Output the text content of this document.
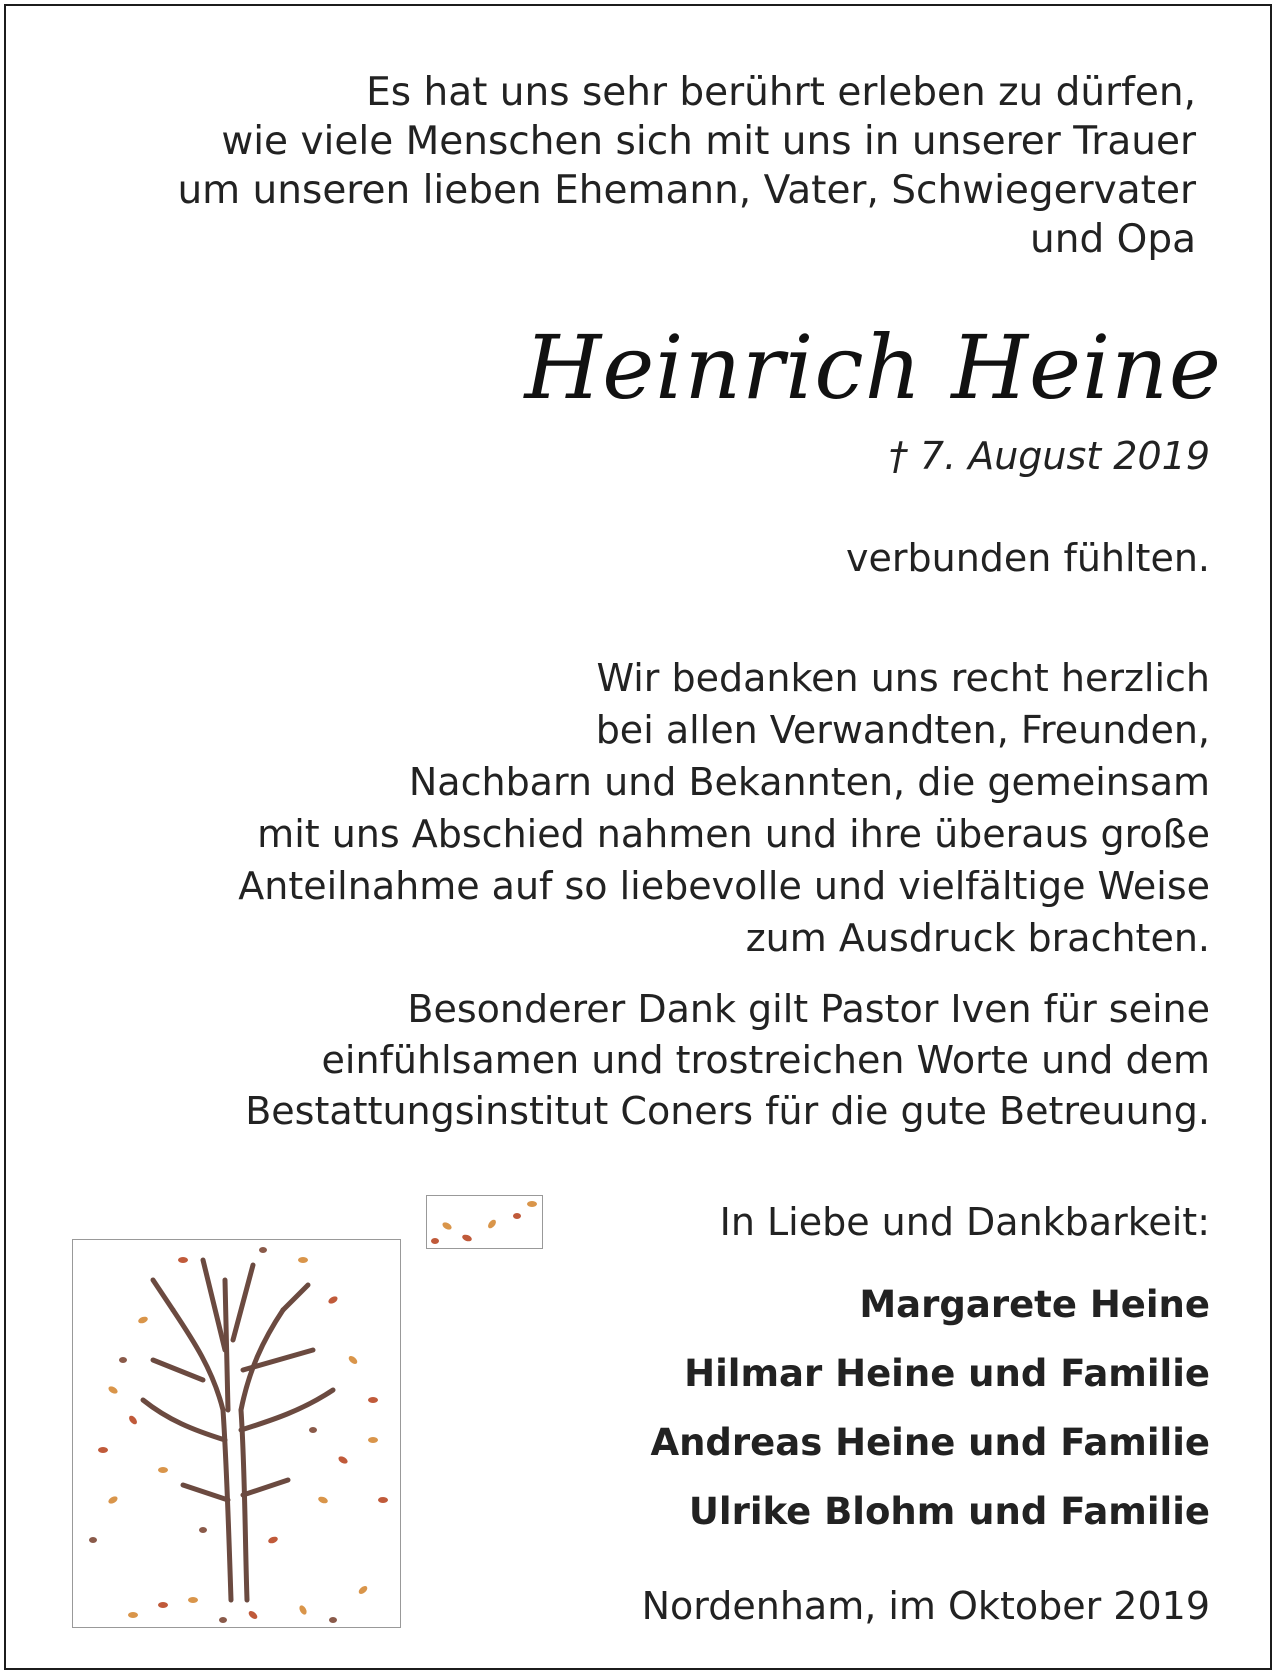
Es hat uns sehr berührt erleben zu dürfen,
wie viele Menschen sich mit uns in unserer Trauer
um unseren lieben Ehemann, Vater, Schwiegervater
und Opa
Heinrich Heine
† 7. August 2019
verbunden fühlten.
Wir bedanken uns recht herzlich
bei allen Verwandten, Freunden,
Nachbarn und Bekannten, die gemeinsam
mit uns Abschied nahmen und ihre überaus große
Anteilnahme auf so liebevolle und vielfältige Weise
zum Ausdruck brachten.
Besonderer Dank gilt Pastor Iven für seine
einfühlsamen und trostreichen Worte und dem
Bestattungsinstitut Coners für die gute Betreuung.
In Liebe und Dankbarkeit:
Margarete Heine
Hilmar Heine und Familie
Andreas Heine und Familie
Ulrike Blohm und Familie
Nordenham, im Oktober 2019
